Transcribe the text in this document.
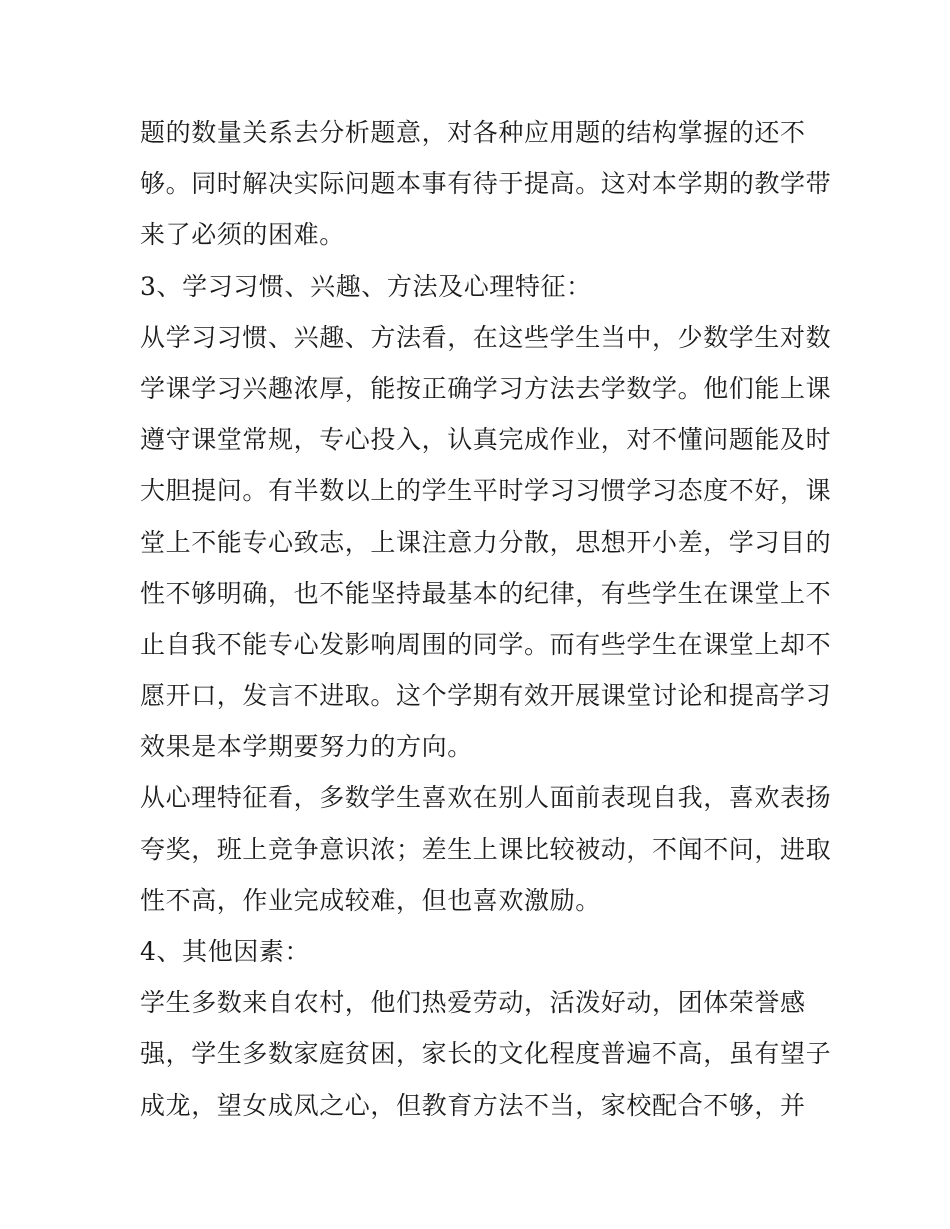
题的数量关系去分析题意，对各种应用题的结构掌握的还不
够。同时解决实际问题本事有待于提高。这对本学期的教学带
来了必须的困难。
3、学习习惯、兴趣、方法及心理特征：
从学习习惯、兴趣、方法看，在这些学生当中，少数学生对数
学课学习兴趣浓厚，能按正确学习方法去学数学。他们能上课
遵守课堂常规，专心投入，认真完成作业，对不懂问题能及时
大胆提问。有半数以上的学生平时学习习惯学习态度不好，课
堂上不能专心致志，上课注意力分散，思想开小差，学习目的
性不够明确，也不能坚持最基本的纪律，有些学生在课堂上不
止自我不能专心发影响周围的同学。而有些学生在课堂上却不
愿开口，发言不进取。这个学期有效开展课堂讨论和提高学习
效果是本学期要努力的方向。
从心理特征看，多数学生喜欢在别人面前表现自我，喜欢表扬
夸奖，班上竞争意识浓；差生上课比较被动，不闻不问，进取
性不高，作业完成较难，但也喜欢激励。
4、其他因素：
学生多数来自农村，他们热爱劳动，活泼好动，团体荣誉感
强，学生多数家庭贫困，家长的文化程度普遍不高，虽有望子
成龙，望女成凤之心，但教育方法不当，家校配合不够，并
